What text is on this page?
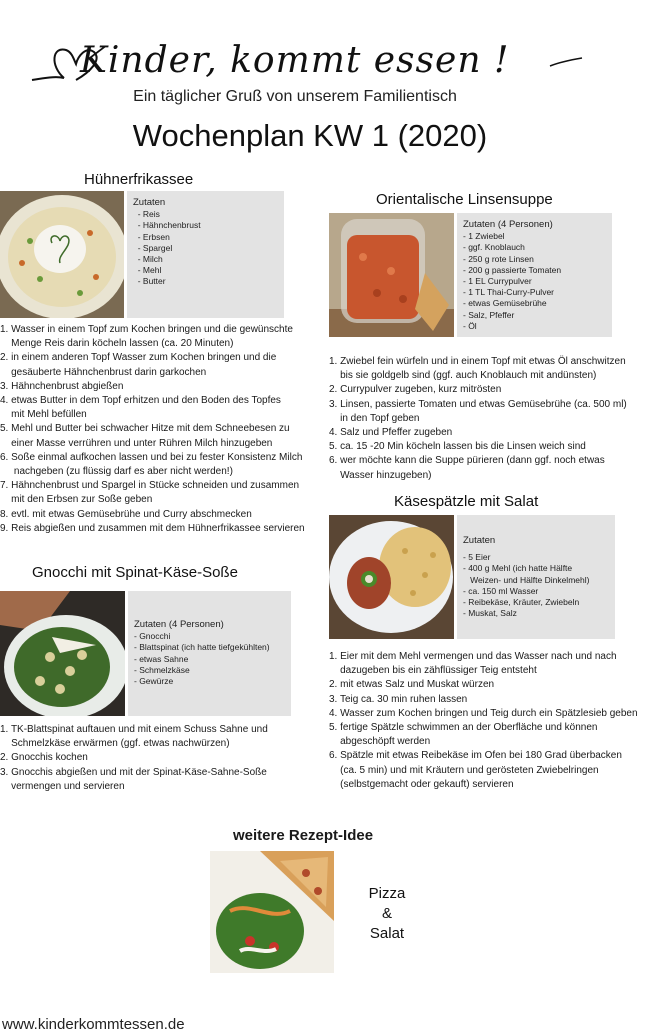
Kinder, kommt essen !
Ein täglicher Gruß von unserem Familientisch
Wochenplan KW 1 (2020)
Hühnerfrikassee
Zutaten
- Reis
- Hähnchenbrust
- Erbsen
- Spargel
- Milch
- Mehl
- Butter
1. Wasser in einem Topf zum Kochen bringen und die gewünschte
Menge Reis darin köcheln lassen (ca. 20 Minuten)
2. in einem anderen Topf Wasser zum Kochen bringen und die
gesäuberte Hähnchenbrust darin garkochen
3. Hähnchenbrust abgießen
4. etwas Butter in dem Topf erhitzen und den Boden des Topfes
mit Mehl befüllen
5. Mehl und Butter bei schwacher Hitze mit dem Schneebesen zu
einer Masse verrühren und unter Rühren Milch hinzugeben
6. Soße einmal aufkochen lassen und bei zu fester Konsistenz Milch
nachgeben (zu flüssig darf es aber nicht werden!)
7. Hähnchenbrust und Spargel in Stücke schneiden und zusammen
mit den Erbsen zur Soße geben
8. evtl. mit etwas Gemüsebrühe und Curry abschmecken
9. Reis abgießen und zusammen mit dem Hühnerfrikassee servieren
Orientalische Linsensuppe
Zutaten (4 Personen)
- 1 Zwiebel
- ggf. Knoblauch
- 250 g rote Linsen
- 200 g passierte Tomaten
- 1 EL Currypulver
- 1 TL Thai-Curry-Pulver
- etwas Gemüsebrühe
- Salz, Pfeffer
- Öl
1. Zwiebel fein würfeln und in einem Topf mit etwas Öl anschwitzen
bis sie goldgelb sind (ggf. auch Knoblauch mit andünsten)
2. Currypulver zugeben, kurz mitrösten
3. Linsen, passierte Tomaten und etwas Gemüsebrühe (ca. 500 ml)
in den Topf geben
4. Salz und Pfeffer zugeben
5. ca. 15 -20 Min köcheln lassen bis die Linsen weich sind
6. wer möchte kann die Suppe pürieren (dann ggf. noch etwas
Wasser hinzugeben)
Käsespätzle mit Salat
Zutaten
- 5 Eier
- 400 g Mehl (ich hatte Hälfte
Weizen- und Hälfte Dinkelmehl)
- ca. 150 ml Wasser
- Reibekäse, Kräuter, Zwiebeln
- Muskat, Salz
1. Eier mit dem Mehl vermengen und das Wasser nach und nach
dazugeben bis ein zähflüssiger Teig entsteht
2. mit etwas Salz und Muskat würzen
3. Teig ca. 30 min ruhen lassen
4. Wasser zum Kochen bringen und Teig durch ein Spätzlesieb geben
5. fertige Spätzle schwimmen an der Oberfläche und können
abgeschöpft werden
6. Spätzle mit etwas Reibekäse im Ofen bei 180 Grad überbacken
(ca. 5 min) und mit Kräutern und gerösteten Zwiebelringen
(selbstgemacht oder gekauft) servieren
Gnocchi mit Spinat-Käse-Soße
Zutaten (4 Personen)
- Gnocchi
- Blattspinat (ich hatte tiefgekühlten)
- etwas Sahne
- Schmelzkäse
- Gewürze
1. TK-Blattspinat auftauen und mit einem Schuss Sahne und
Schmelzkäse erwärmen (ggf. etwas nachwürzen)
2. Gnocchis kochen
3. Gnocchis abgießen und mit der Spinat-Käse-Sahne-Soße
vermengen und servieren
weitere Rezept-Idee
Pizza
&
Salat
www.kinderkommtessen.de
